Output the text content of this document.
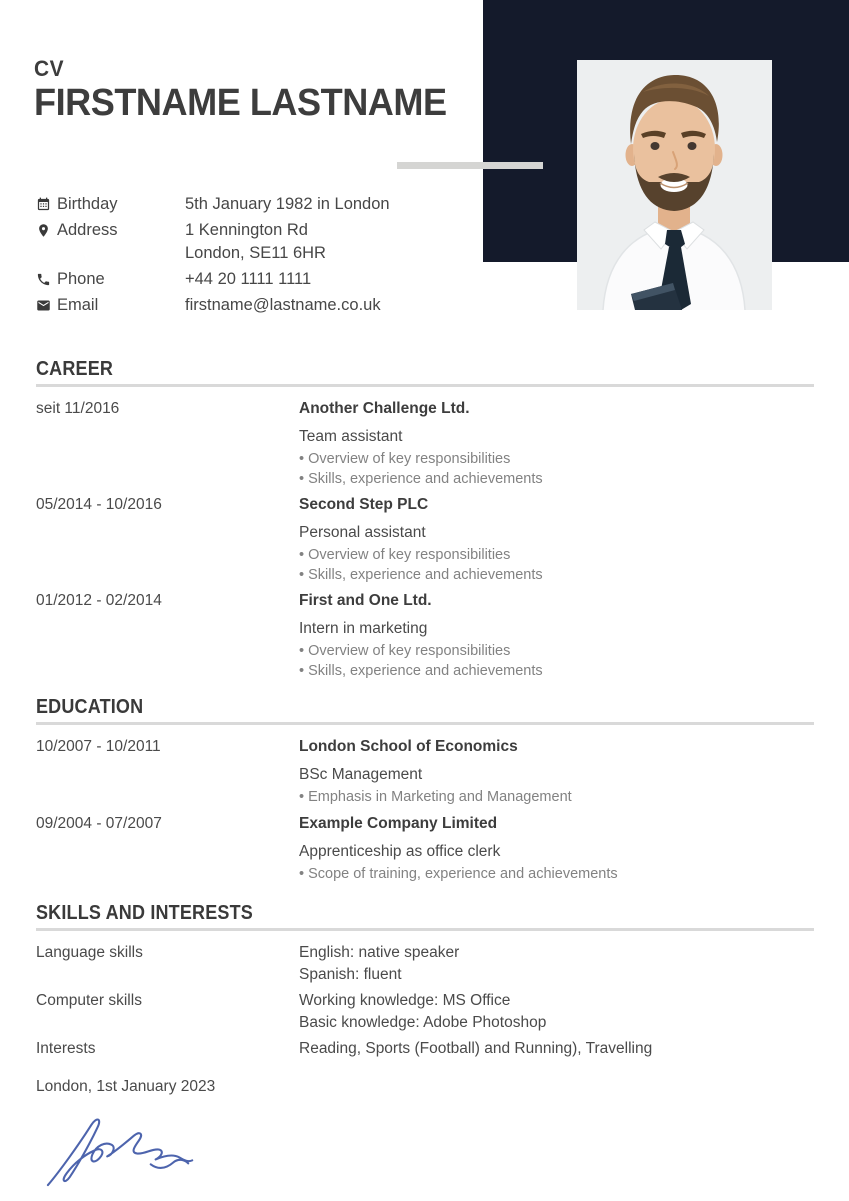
CV
FIRSTNAME LASTNAME
Birthday	5th January 1982 in London
Address	1 Kennington Rd
London, SE11 6HR
Phone	+44 20 1111 1111
Email	firstname@lastname.co.uk
CAREER
seit 11/2016	Another Challenge Ltd.
Team assistant
• Overview of key responsibilities
• Skills, experience and achievements
05/2014 - 10/2016	Second Step PLC
Personal assistant
• Overview of key responsibilities
• Skills, experience and achievements
01/2012 - 02/2014	First and One Ltd.
Intern in marketing
• Overview of key responsibilities
• Skills, experience and achievements
EDUCATION
10/2007 - 10/2011	London School of Economics
BSc Management
• Emphasis in Marketing and Management
09/2004 - 07/2007	Example Company Limited
Apprenticeship as office clerk
• Scope of training, experience and achievements
SKILLS AND INTERESTS
Language skills	English: native speaker
Spanish: fluent
Computer skills	Working knowledge: MS Office
Basic knowledge: Adobe Photoshop
Interests	Reading, Sports (Football) and Running), Travelling
London, 1st January 2023
